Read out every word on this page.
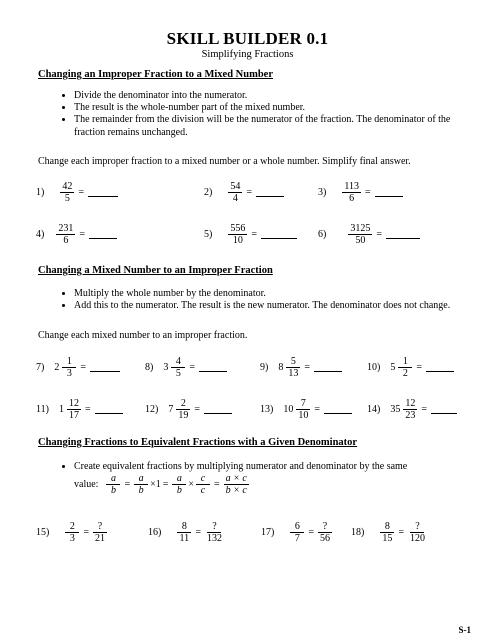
SKILL BUILDER 0.1
Simplifying Fractions
Changing an Improper Fraction to a Mixed Number
• Divide the denominator into the numerator.
• The result is the whole-number part of the mixed number.
• The remainder from the division will be the numerator of the fraction. The denominator of the fraction remains unchanged.
Change each improper fraction to a mixed number or a whole number. Simplify final answer.
$1) \frac{42}{5}$ =	$2) \frac{54}{4}$ =	$3) \frac{113}{6}$ =
$4) \frac{231}{6}$ =	$5) \frac{556}{10}$ =	$6) \frac{3125}{50}$ =
Changing a Mixed Number to an Improper Fraction
• Multiply the whole number by the denominator.
• Add this to the numerator. The result is the new numerator. The denominator does not change.
Change each mixed number to an improper fraction.
7) $2 \frac{1}{3}$ =	8) $3 \frac{4}{5}$ =	9) $8 \frac{5}{13}$ =	10) $5 \frac{1}{2}$ =
11) $1 \frac{12}{17}$ =	12) $7 \frac{2}{19}$ =	13) $10 \frac{7}{10}$ =	14) $35 \frac{12}{23}$ =
Changing Fractions to Equivalent Fractions with a Given Denominator
• Create equivalent fractions by multiplying numerator and denominator by the same
value: $\frac{a}{b} = \frac{a}{b} \times 1 = \frac{a}{b} \times \frac{c}{c} = \frac{a \times c}{b \times c}$
$15) \frac{2}{3} = \frac{?}{21}$	$16) \frac{8}{11} = \frac{?}{132}$	$17) \frac{6}{7} = \frac{?}{56} 18) \frac{8}{15} = \frac{?}{120}$
S-1
